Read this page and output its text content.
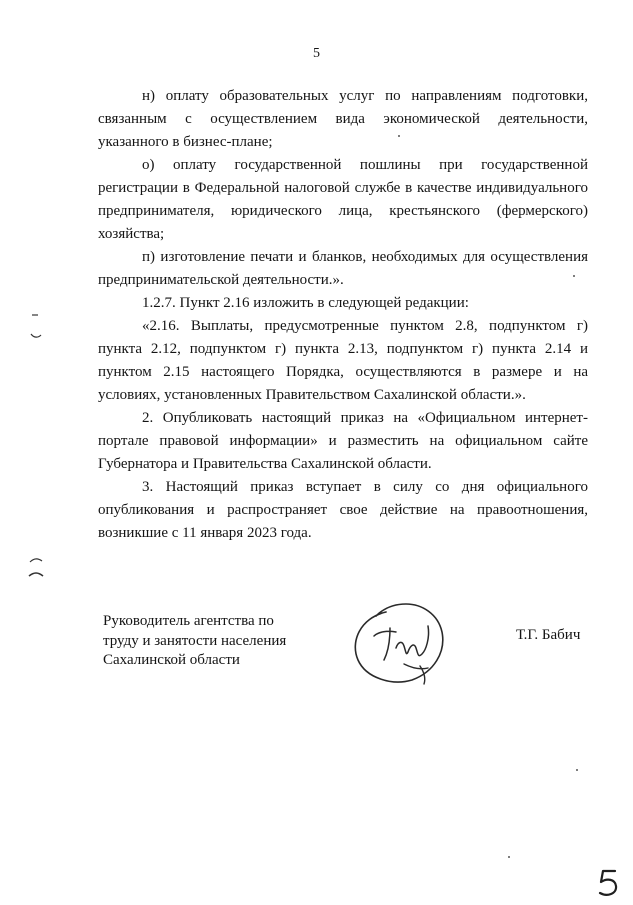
5

н) оплату образовательных услуг по направлениям подготовки, связанным с осуществлением вида экономической деятельности, указанного в бизнес-плане;

о) оплату государственной пошлины при государственной регистрации в Федеральной налоговой службе в качестве индивидуального предпринимателя, юридического лица, крестьянского (фермерского) хозяйства;

п) изготовление печати и бланков, необходимых для осуществления предпринимательской деятельности.».

1.2.7. Пункт 2.16 изложить в следующей редакции:

«2.16. Выплаты, предусмотренные пунктом 2.8, подпунктом г) пункта 2.12, подпунктом г) пункта 2.13, подпунктом г) пункта 2.14 и пунктом 2.15 настоящего Порядка, осуществляются в размере и на условиях, установленных Правительством Сахалинской области.».

2. Опубликовать настоящий приказ на «Официальном интернет-портале правовой информации» и разместить на официальном сайте Губернатора и Правительства Сахалинской области.

3. Настоящий приказ вступает в силу со дня официального опубликования и распространяет свое действие на правоотношения, возникшие с 11 января 2023 года.

Руководитель агентства по
труду и занятости населения
Сахалинской области
Т.Г. Бабич
